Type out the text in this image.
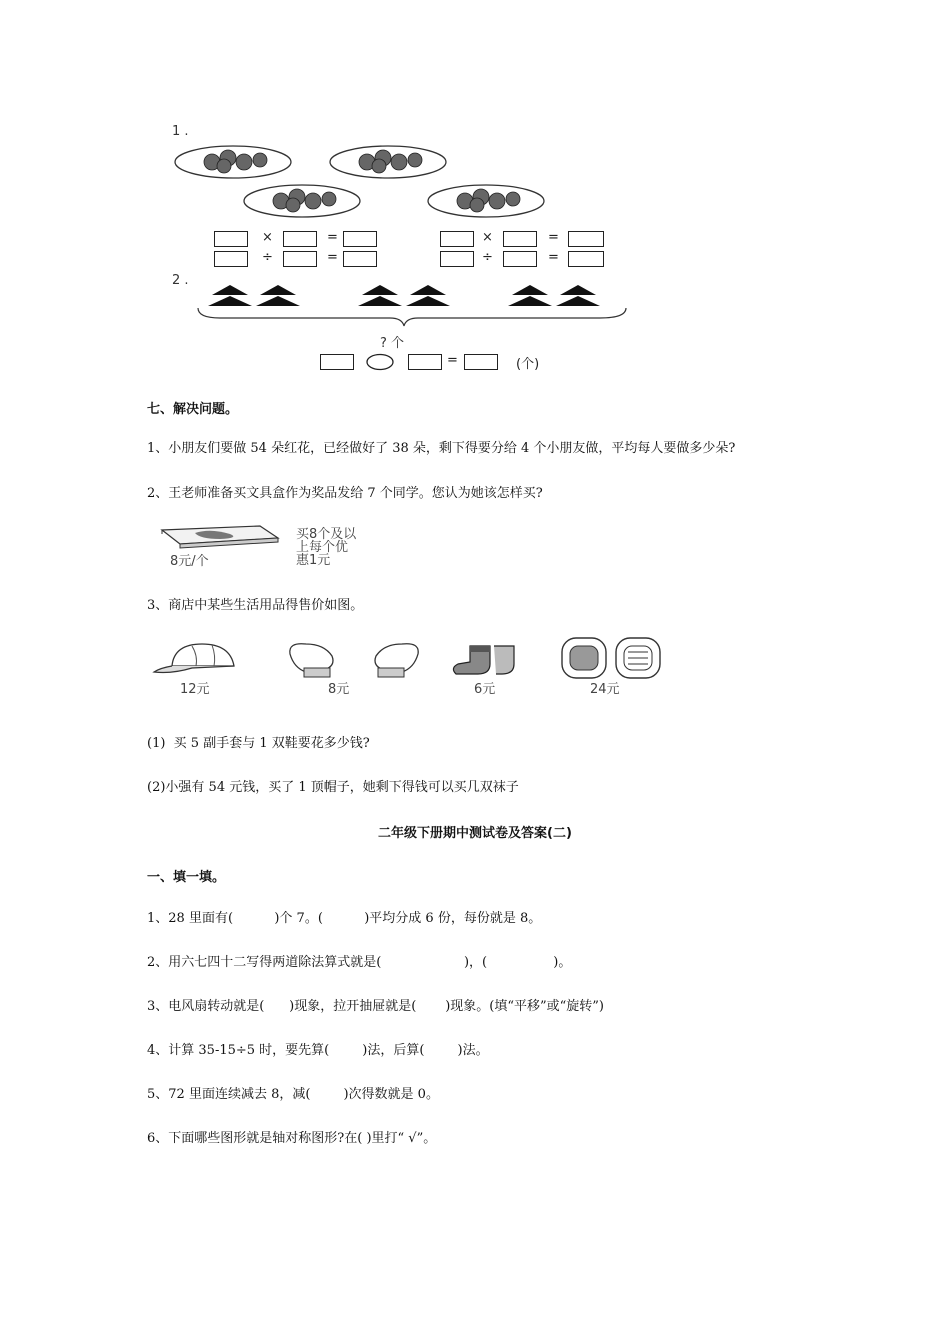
1 .
×	=	×	=
÷	=	÷	=
2 .
? 个
=	(个)
七、解决问题。
1、小朋友们要做 54 朵红花，已经做好了 38 朵，剩下得要分给 4 个小朋友做，平均每人要做多少朵?
2、王老师准备买文具盒作为奖品发给 7 个同学。您认为她该怎样买?
8元/个
买8个及以
上每个优
惠1元
3、商店中某些生活用品得售价如图。
12元	8元	6元	24元
(1)  买 5 副手套与 1 双鞋要花多少钱?
(2)小强有 54 元钱，买了 1 顶帽子，她剩下得钱可以买几双袜子
二年级下册期中测试卷及答案(二)
一、填一填。
1、28 里面有(          )个 7。(          )平均分成 6 份，每份就是 8。
2、用六七四十二写得两道除法算式就是(                    )，(                )。
3、电风扇转动就是(      )现象，拉开抽屉就是(       )现象。(填“平移”或“旋转”)
4、计算 35-15÷5 时，要先算(        )法，后算(        )法。
5、72 里面连续减去 8，减(        )次得数就是 0。
6、下面哪些图形就是轴对称图形?在( )里打“ √”。
